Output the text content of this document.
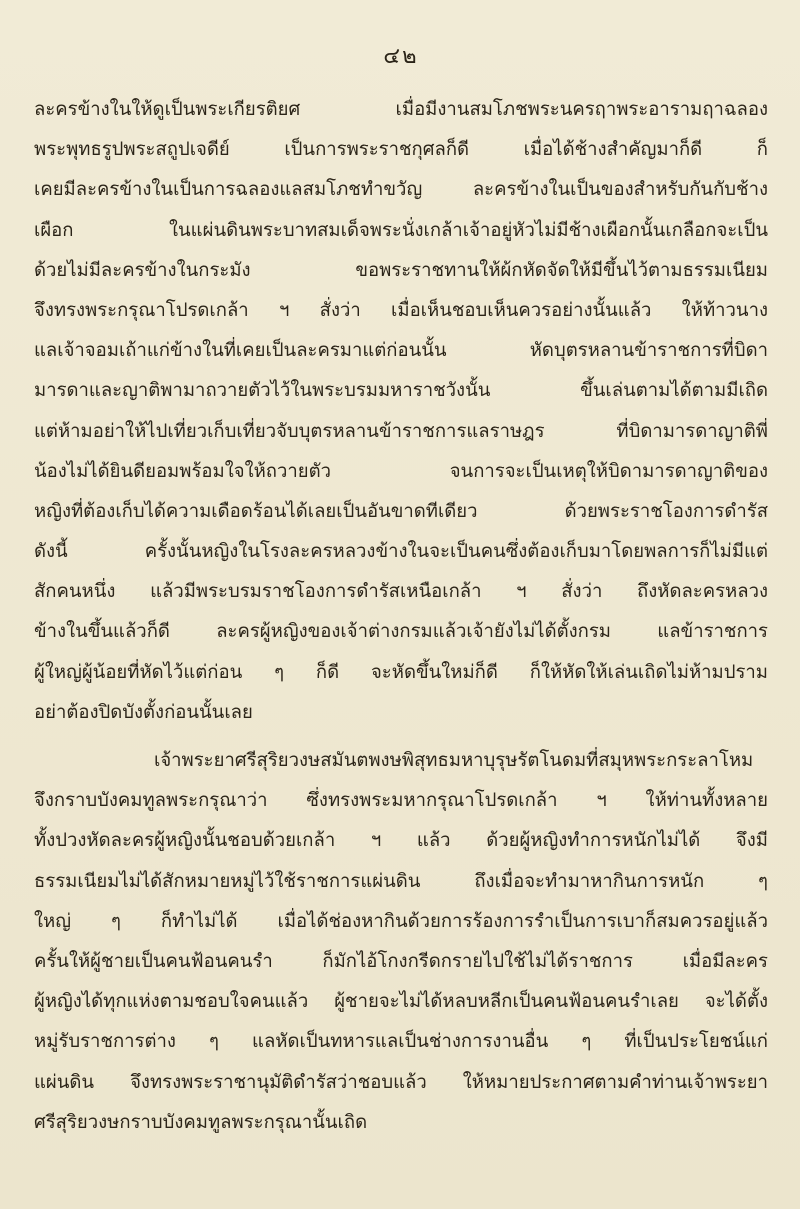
๔๒
ละครข้างในให้ดูเป็นพระเกียรติยศ เมื่อมีงานสมโภชพระนครฤาพระอารามฤาฉลอง
พระพุทธรูปพระสถูปเจดีย์ เป็นการพระราชกุศลก็ดี เมื่อได้ช้างสำคัญมาก็ดี ก็
เคยมีละครข้างในเป็นการฉลองแลสมโภชทำขวัญ ละครข้างในเป็นของสำหรับกันกับช้าง
เผือก ในแผ่นดินพระบาทสมเด็จพระนั่งเกล้าเจ้าอยู่หัวไม่มีช้างเผือกนั้นเกลือกจะเป็น
ด้วยไม่มีละครข้างในกระมัง ขอพระราชทานให้ผ้กหัดจัดให้มีขึ้นไว้ตามธรรมเนียม
จึงทรงพระกรุณาโปรดเกล้า ฯ สั่งว่า เมื่อเห็นชอบเห็นควรอย่างนั้นแล้ว ให้ท้าวนาง
แลเจ้าจอมเถ้าแก่ข้างในที่เคยเป็นละครมาแต่ก่อนนั้น หัดบุตรหลานข้าราชการที่บิดา
มารดาและญาติพามาถวายตัวไว้ในพระบรมมหาราชวังนั้น ขึ้นเล่นตามได้ตามมีเถิด
แต่ห้ามอย่าให้ไปเที่ยวเก็บเที่ยวจับบุตรหลานข้าราชการแลราษฎร ที่บิดามารดาญาติพี่
น้องไม่ได้ยินดียอมพร้อมใจให้ถวายตัว จนการจะเป็นเหตุให้บิดามารดาญาติของ
หญิงที่ต้องเก็บได้ความเดือดร้อนได้เลยเป็นอันขาดทีเดียว ด้วยพระราชโองการดำรัส
ดังนี้ ครั้งนั้นหญิงในโรงละครหลวงข้างในจะเป็นคนซึ่งต้องเก็บมาโดยพลการก็ไม่มีแต่
สักคนหนึ่ง แล้วมีพระบรมราชโองการดำรัสเหนือเกล้า ฯ สั่งว่า ถึงหัดละครหลวง
ข้างในขึ้นแล้วก็ดี ละครผู้หญิงของเจ้าต่างกรมแล้วเจ้ายังไม่ได้ตั้งกรม แลข้าราชการ
ผู้ใหญ่ผู้น้อยที่หัดไว้แต่ก่อน ๆ ก็ดี จะหัดขึ้นใหม่ก็ดี ก็ให้หัดให้เล่นเถิดไม่ห้ามปราม
อย่าต้องปิดบังตั้งก่อนนั้นเลย
เจ้าพระยาศรีสุริยวงษสมันตพงษพิสุทธมหาบุรุษรัตโนดมที่สมุหพระกระลาโหม
จึงกราบบังคมทูลพระกรุณาว่า ซึ่งทรงพระมหากรุณาโปรดเกล้า ฯ ให้ท่านทั้งหลาย
ทั้งปวงหัดละครผู้หญิงนั้นชอบด้วยเกล้า ฯ แล้ว ด้วยผู้หญิงทำการหนักไม่ได้ จึงมี
ธรรมเนียมไม่ได้สักหมายหมู่ไว้ใช้ราชการแผ่นดิน ถึงเมื่อจะทำมาหากินการหนัก ๆ
ใหญ่ ๆ ก็ทำไม่ได้ เมื่อได้ช่องหากินด้วยการร้องการรำเป็นการเบาก็สมควรอยู่แล้ว
ครั้นให้ผู้ชายเป็นคนฟ้อนคนรำ ก็มักไอ้โกงกรีดกรายไปใช้ไม่ได้ราชการ เมื่อมีละคร
ผู้หญิงได้ทุกแห่งตามชอบใจคนแล้ว ผู้ชายจะไม่ได้หลบหลีกเป็นคนฟ้อนคนรำเลย จะได้ตั้ง
หมู่รับราชการต่าง ๆ แลหัดเป็นทหารแลเป็นช่างการงานอื่น ๆ ที่เป็นประโยชน์แก่
แผ่นดิน จึงทรงพระราชานุมัติดำรัสว่าชอบแล้ว ให้หมายประกาศตามคำท่านเจ้าพระยา
ศรีสุริยวงษกราบบังคมทูลพระกรุณานั้นเถิด
